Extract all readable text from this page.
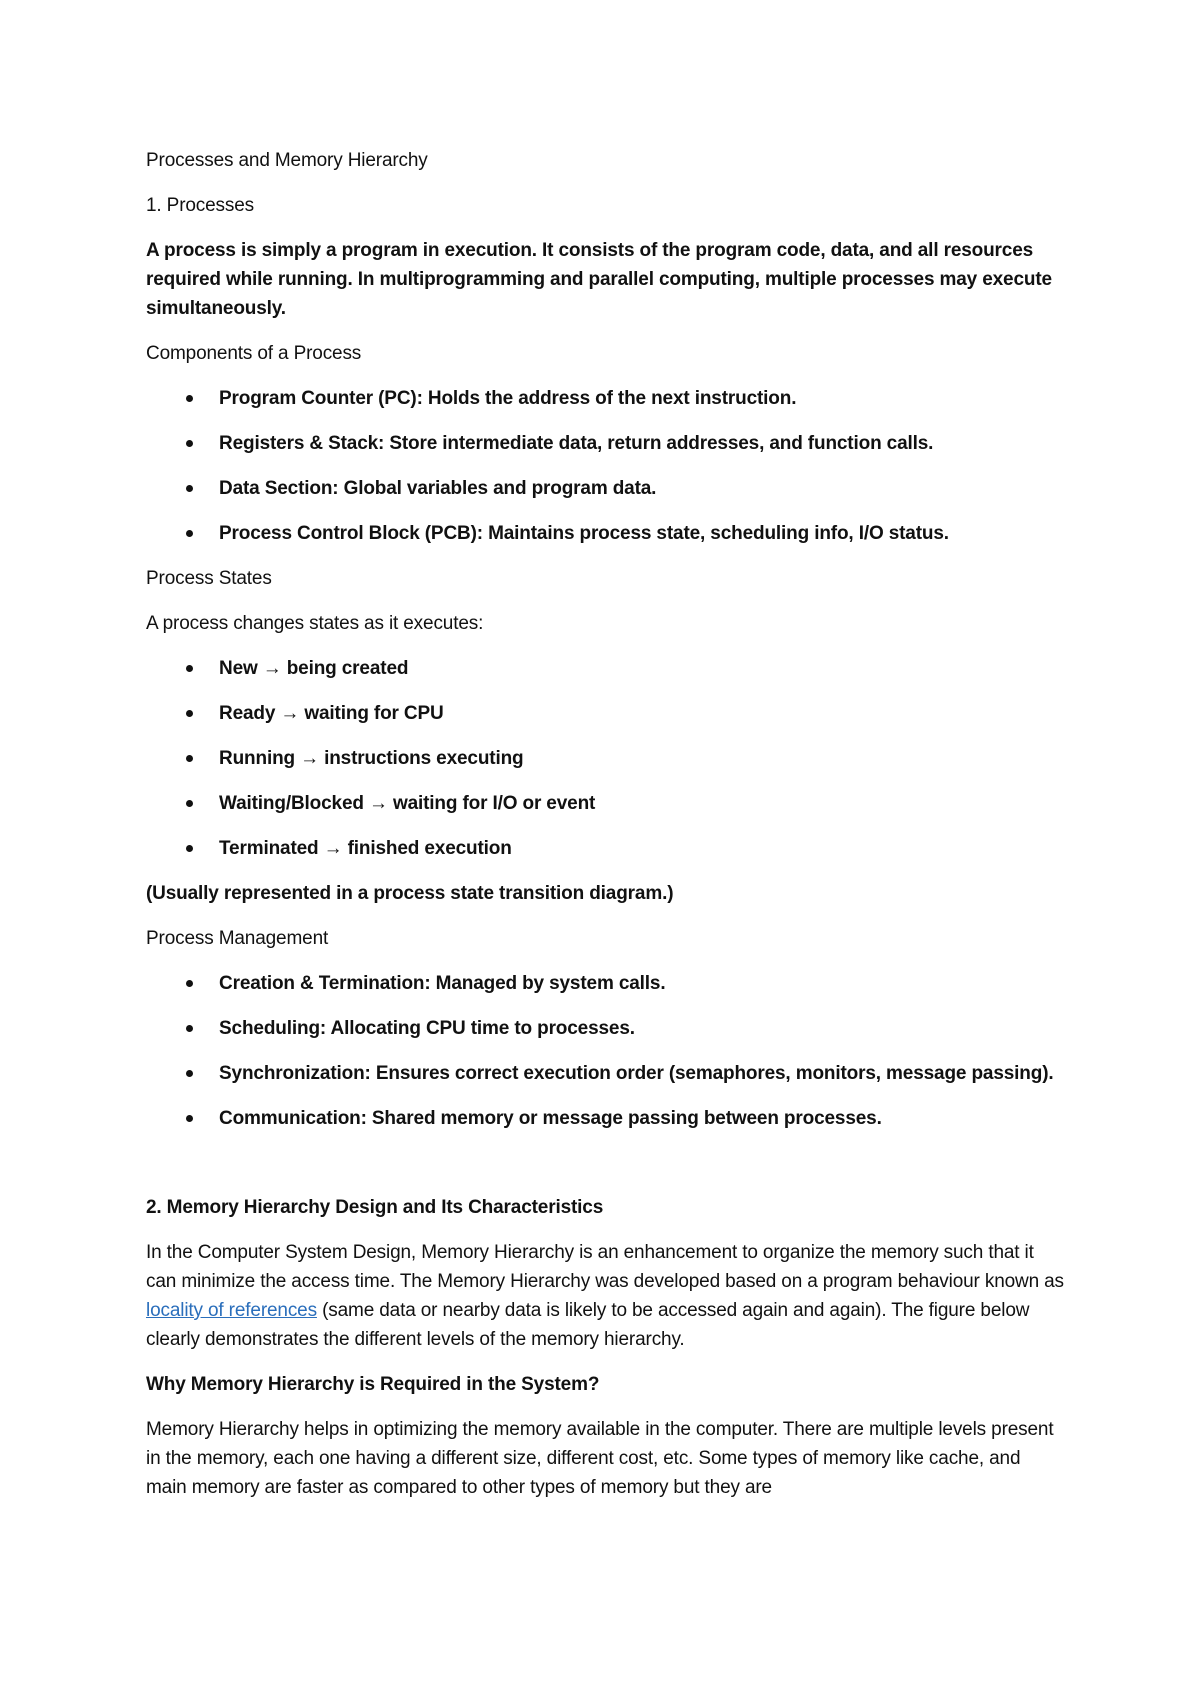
Processes and Memory Hierarchy

1. Processes

A process is simply a program in execution. It consists of the program code, data, and all resources required while running. In multiprogramming and parallel computing, multiple processes may execute simultaneously.

Components of a Process

Program Counter (PC): Holds the address of the next instruction.
Registers & Stack: Store intermediate data, return addresses, and function calls.
Data Section: Global variables and program data.
Process Control Block (PCB): Maintains process state, scheduling info, I/O status.

Process States

A process changes states as it executes:

New → being created
Ready → waiting for CPU
Running → instructions executing
Waiting/Blocked → waiting for I/O or event
Terminated → finished execution

(Usually represented in a process state transition diagram.)

Process Management

Creation & Termination: Managed by system calls.
Scheduling: Allocating CPU time to processes.
Synchronization: Ensures correct execution order (semaphores, monitors, message passing).
Communication: Shared memory or message passing between processes.

2. Memory Hierarchy Design and Its Characteristics

In the Computer System Design, Memory Hierarchy is an enhancement to organize the memory such that it can minimize the access time. The Memory Hierarchy was developed based on a program behaviour known as locality of references (same data or nearby data is likely to be accessed again and again). The figure below clearly demonstrates the different levels of the memory hierarchy.

Why Memory Hierarchy is Required in the System?

Memory Hierarchy helps in optimizing the memory available in the computer. There are multiple levels present in the memory, each one having a different size, different cost, etc. Some types of memory like cache, and main memory are faster as compared to other types of memory but they are
